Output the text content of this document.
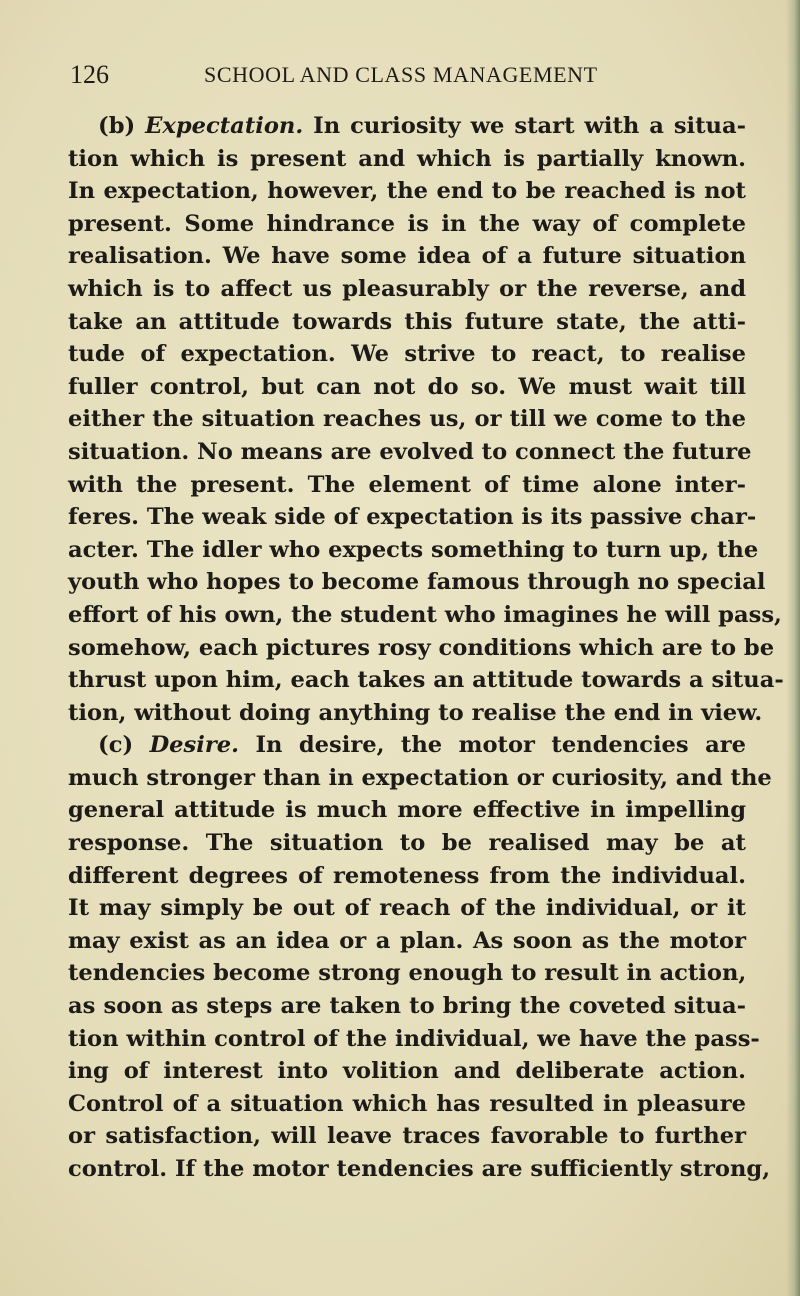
126	SCHOOL AND CLASS MANAGEMENT
(b) Expectation. In curiosity we start with a situa-
tion which is present and which is partially known.
In expectation, however, the end to be reached is not
present. Some hindrance is in the way of complete
realisation. We have some idea of a future situation
which is to affect us pleasurably or the reverse, and
take an attitude towards this future state, the atti-
tude of expectation. We strive to react, to realise
fuller control, but can not do so. We must wait till
either the situation reaches us, or till we come to the
situation. No means are evolved to connect the future
with the present. The element of time alone inter-
feres. The weak side of expectation is its passive char-
acter. The idler who expects something to turn up, the
youth who hopes to become famous through no special
effort of his own, the student who imagines he will pass,
somehow, each pictures rosy conditions which are to be
thrust upon him, each takes an attitude towards a situa-
tion, without doing anything to realise the end in view.
(c) Desire. In desire, the motor tendencies are
much stronger than in expectation or curiosity, and the
general attitude is much more effective in impelling
response. The situation to be realised may be at
different degrees of remoteness from the individual.
It may simply be out of reach of the individual, or it
may exist as an idea or a plan. As soon as the motor
tendencies become strong enough to result in action,
as soon as steps are taken to bring the coveted situa-
tion within control of the individual, we have the pass-
ing of interest into volition and deliberate action.
Control of a situation which has resulted in pleasure
or satisfaction, will leave traces favorable to further
control. If the motor tendencies are sufficiently strong,
